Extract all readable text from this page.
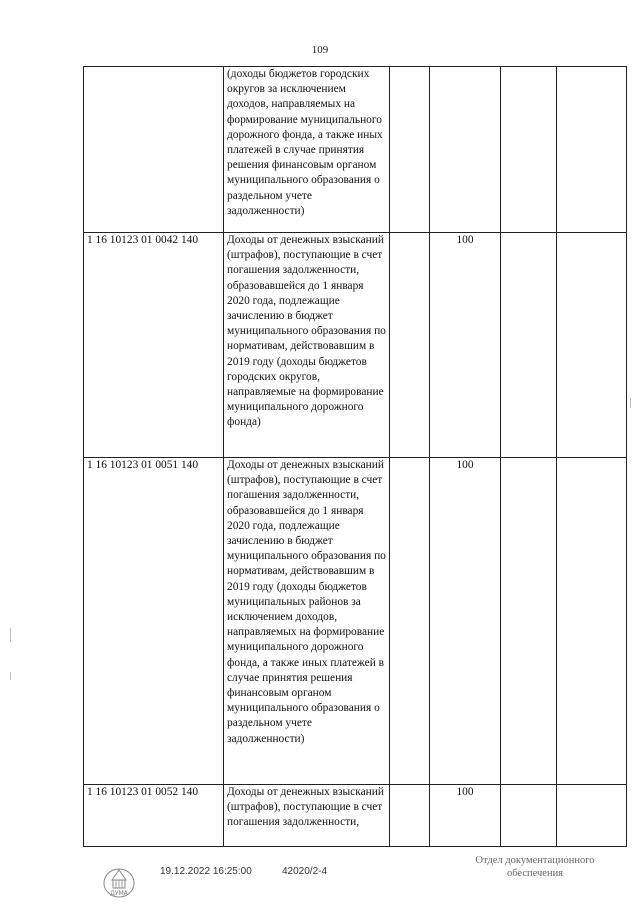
109
	(доходы бюджетов городских округов за исключением доходов, направляемых на формирование муниципального дорожного фонда, а также иных платежей в случае принятия решения финансовым органом муниципального образования о раздельном учете задолженности)				
1 16 10123 01 0042 140	Доходы от денежных взысканий (штрафов), поступающие в счет погашения задолженности, образовавшейся до 1 января 2020 года, подлежащие зачислению в бюджет муниципального образования по нормативам, действовавшим в 2019 году (доходы бюджетов городских округов, направляемые на формирование муниципального дорожного фонда)		100		
1 16 10123 01 0051 140	Доходы от денежных взысканий (штрафов), поступающие в счет погашения задолженности, образовавшейся до 1 января 2020 года, подлежащие зачислению в бюджет муниципального образования по нормативам, действовавшим в 2019 году (доходы бюджетов муниципальных районов за исключением доходов, направляемых на формирование муниципального дорожного фонда, а также иных платежей в случае принятия решения финансовым органом муниципального образования о раздельном учете задолженности)		100		
1 16 10123 01 0052 140	Доходы от денежных взысканий (штрафов), поступающие в счет погашения задолженности,		100		
ДУМА
19.12.2022 16:25:00	42020/2-4
Отдел документационного обеспечения
